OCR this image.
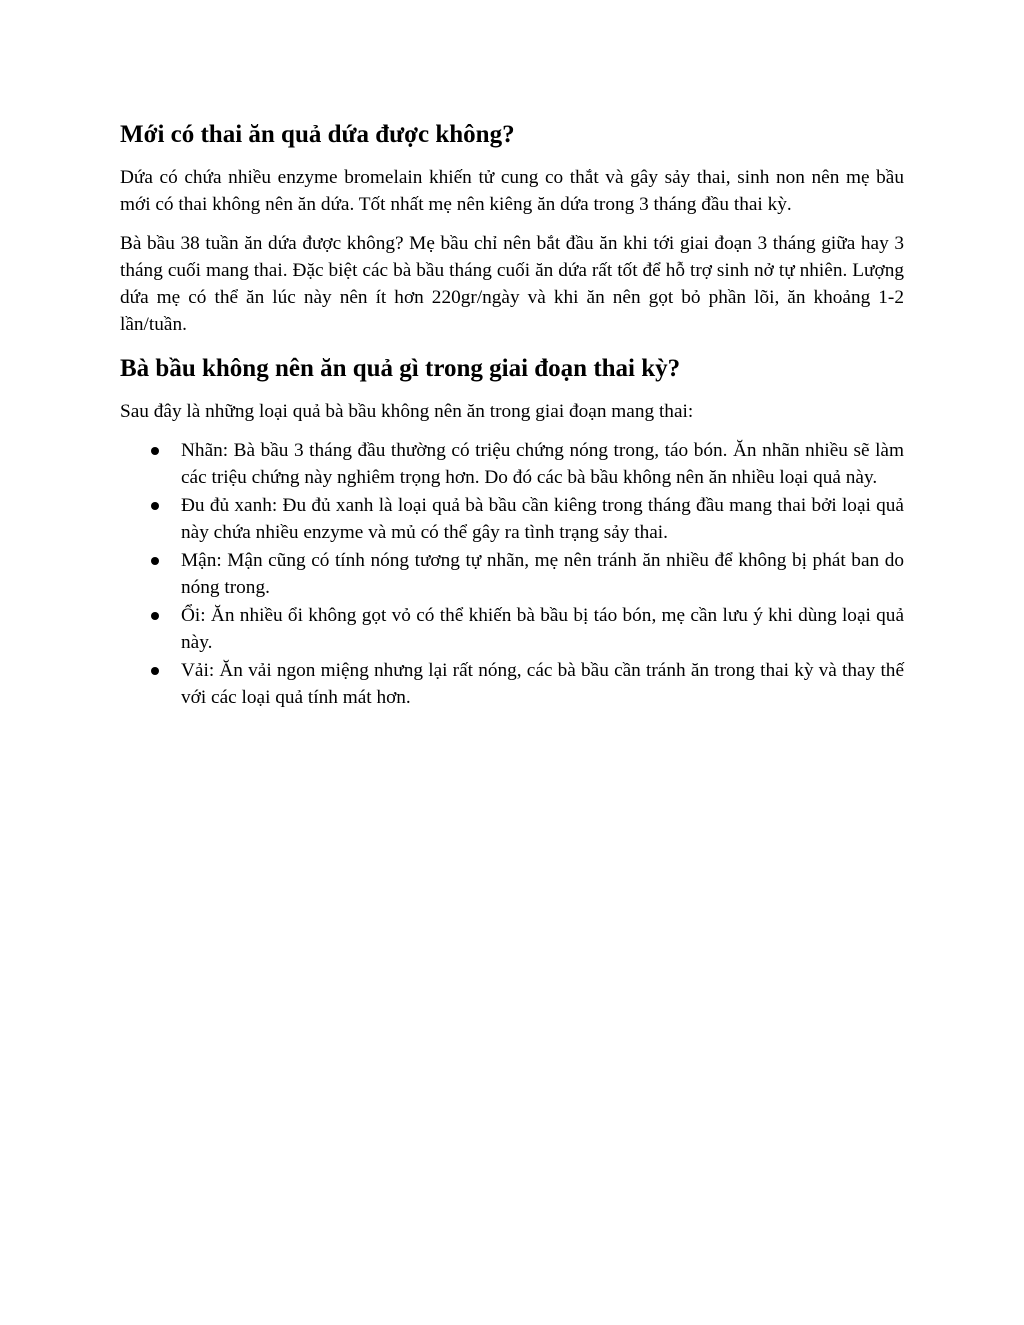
Mới có thai ăn quả dứa được không?

Dứa có chứa nhiều enzyme bromelain khiến tử cung co thắt và gây sảy thai, sinh non nên mẹ bầu mới có thai không nên ăn dứa. Tốt nhất mẹ nên kiêng ăn dứa trong 3 tháng đầu thai kỳ.

Bà bầu 38 tuần ăn dứa được không? Mẹ bầu chỉ nên bắt đầu ăn khi tới giai đoạn 3 tháng giữa hay 3 tháng cuối mang thai. Đặc biệt các bà bầu tháng cuối ăn dứa rất tốt để hỗ trợ sinh nở tự nhiên. Lượng dứa mẹ có thể ăn lúc này nên ít hơn 220gr/ngày và khi ăn nên gọt bỏ phần lõi, ăn khoảng 1-2 lần/tuần.

Bà bầu không nên ăn quả gì trong giai đoạn thai kỳ?

Sau đây là những loại quả bà bầu không nên ăn trong giai đoạn mang thai:

Nhãn: Bà bầu 3 tháng đầu thường có triệu chứng nóng trong, táo bón. Ăn nhãn nhiều sẽ làm các triệu chứng này nghiêm trọng hơn. Do đó các bà bầu không nên ăn nhiều loại quả này.
Đu đủ xanh: Đu đủ xanh là loại quả bà bầu cần kiêng trong tháng đầu mang thai bởi loại quả này chứa nhiều enzyme và mủ có thể gây ra tình trạng sảy thai.
Mận: Mận cũng có tính nóng tương tự nhãn, mẹ nên tránh ăn nhiều để không bị phát ban do nóng trong.
Ổi: Ăn nhiều ổi không gọt vỏ có thể khiến bà bầu bị táo bón, mẹ cần lưu ý khi dùng loại quả này.
Vải: Ăn vải ngon miệng nhưng lại rất nóng, các bà bầu cần tránh ăn trong thai kỳ và thay thế với các loại quả tính mát hơn.
